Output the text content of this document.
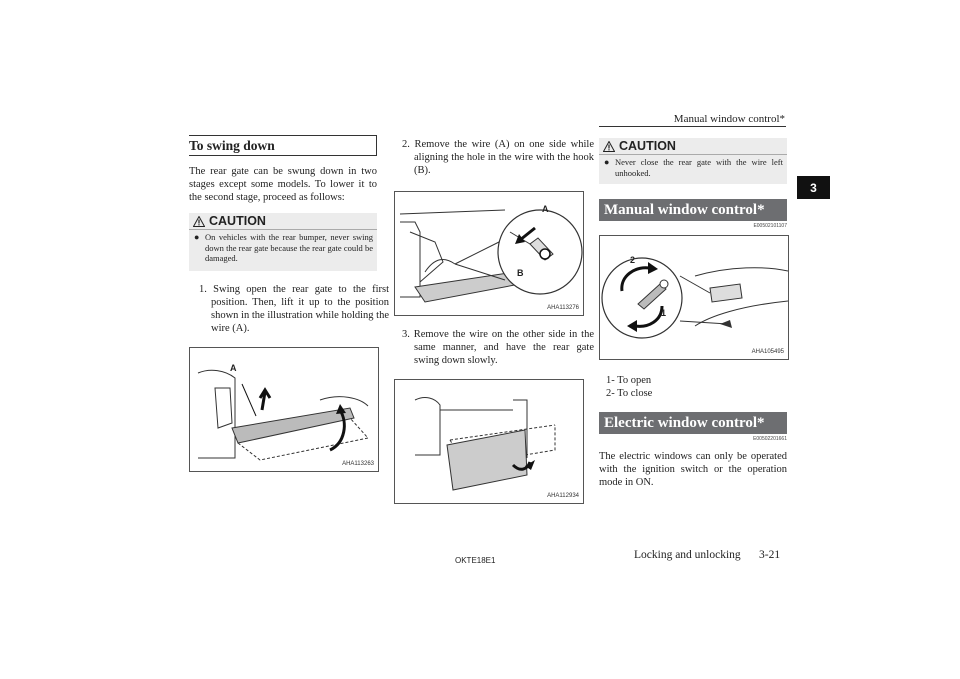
Manual window control*
3
To swing down
The rear gate can be swung down in two stages except some models. To lower it to the second stage, proceed as follows:
CAUTION
● On vehicles with the rear bumper, never swing down the rear gate because the rear gate could be damaged.
1. Swing open the rear gate to the first position. Then, lift it up to the position shown in the illustration while holding the wire (A).
A
AHA113263
2. Remove the wire (A) on one side while aligning the hole in the wire with the hook (B).
A
B
AHA113276
3. Remove the wire on the other side in the same manner, and have the rear gate swing down slowly.
AHA112934
CAUTION
● Never close the rear gate with the wire left unhooked.
Manual window control*
E00502101107
2
1
AHA105495
1- To open
2- To close
Electric window control*
E00502201661
The electric windows can only be operated with the ignition switch or the operation mode in ON.
OKTE18E1	Locking and unlocking 3-21
